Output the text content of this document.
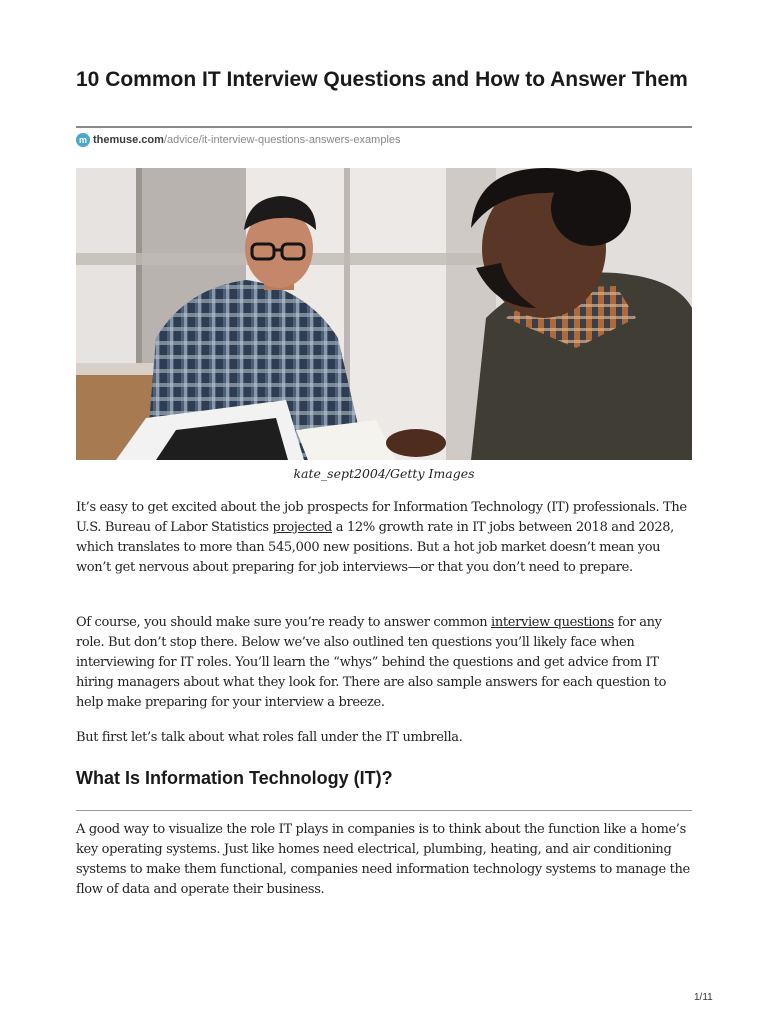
10 Common IT Interview Questions and How to Answer Them
m themuse.com /advice/it-interview-questions-answers-examples
kate_sept2004/Getty Images

It’s easy to get excited about the job prospects for Information Technology (IT) professionals. The U.S. Bureau of Labor Statistics projected a 12% growth rate in IT jobs between 2018 and 2028, which translates to more than 545,000 new positions. But a hot job market doesn’t mean you won’t get nervous about preparing for job interviews—or that you don’t need to prepare.

Of course, you should make sure you’re ready to answer common interview questions for any role. But don’t stop there. Below we’ve also outlined ten questions you’ll likely face when interviewing for IT roles. You’ll learn the “whys” behind the questions and get advice from IT hiring managers about what they look for. There are also sample answers for each question to help make preparing for your interview a breeze.

But first let’s talk about what roles fall under the IT umbrella.

What Is Information Technology (IT)?

A good way to visualize the role IT plays in companies is to think about the function like a home’s key operating systems. Just like homes need electrical, plumbing, heating, and air conditioning systems to make them functional, companies need information technology systems to manage the flow of data and operate their business.

1/11
